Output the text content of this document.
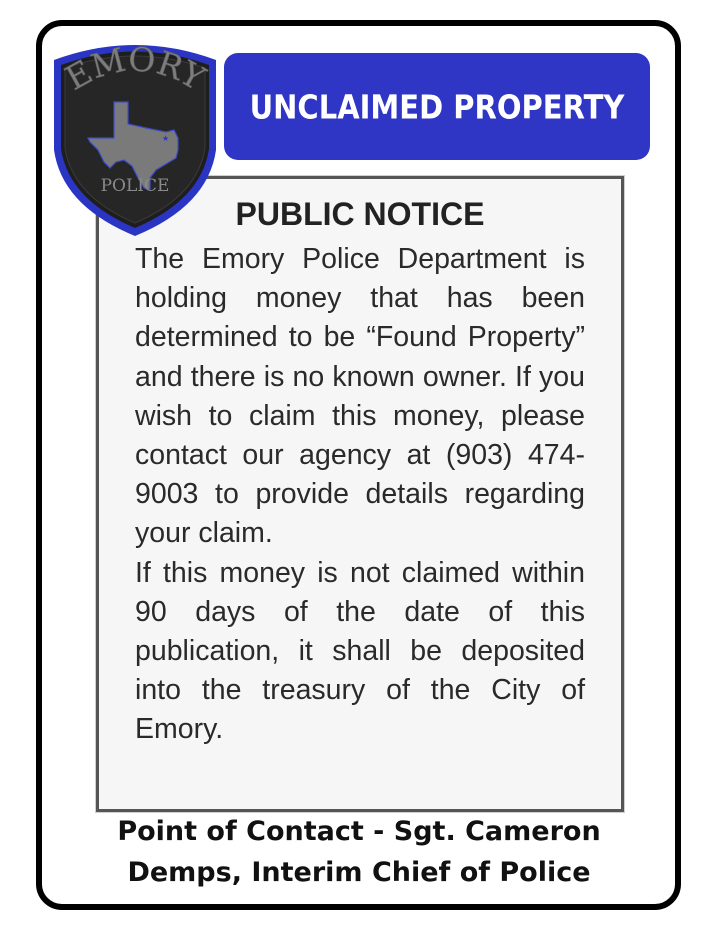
UNCLAIMED PROPERTY
PUBLIC NOTICE

The Emory Police Department is holding money that has been determined to be “Found Property” and there is no known owner. If you wish to claim this money, please contact our agency at (903) 474-9003 to provide details regarding your claim.

If this money is not claimed within 90 days of the date of this publication, it shall be deposited into the treasury of the City of Emory.

EMORY
★
POLICE
Point of Contact - Sgt. Cameron
Demps, Interim Chief of Police
